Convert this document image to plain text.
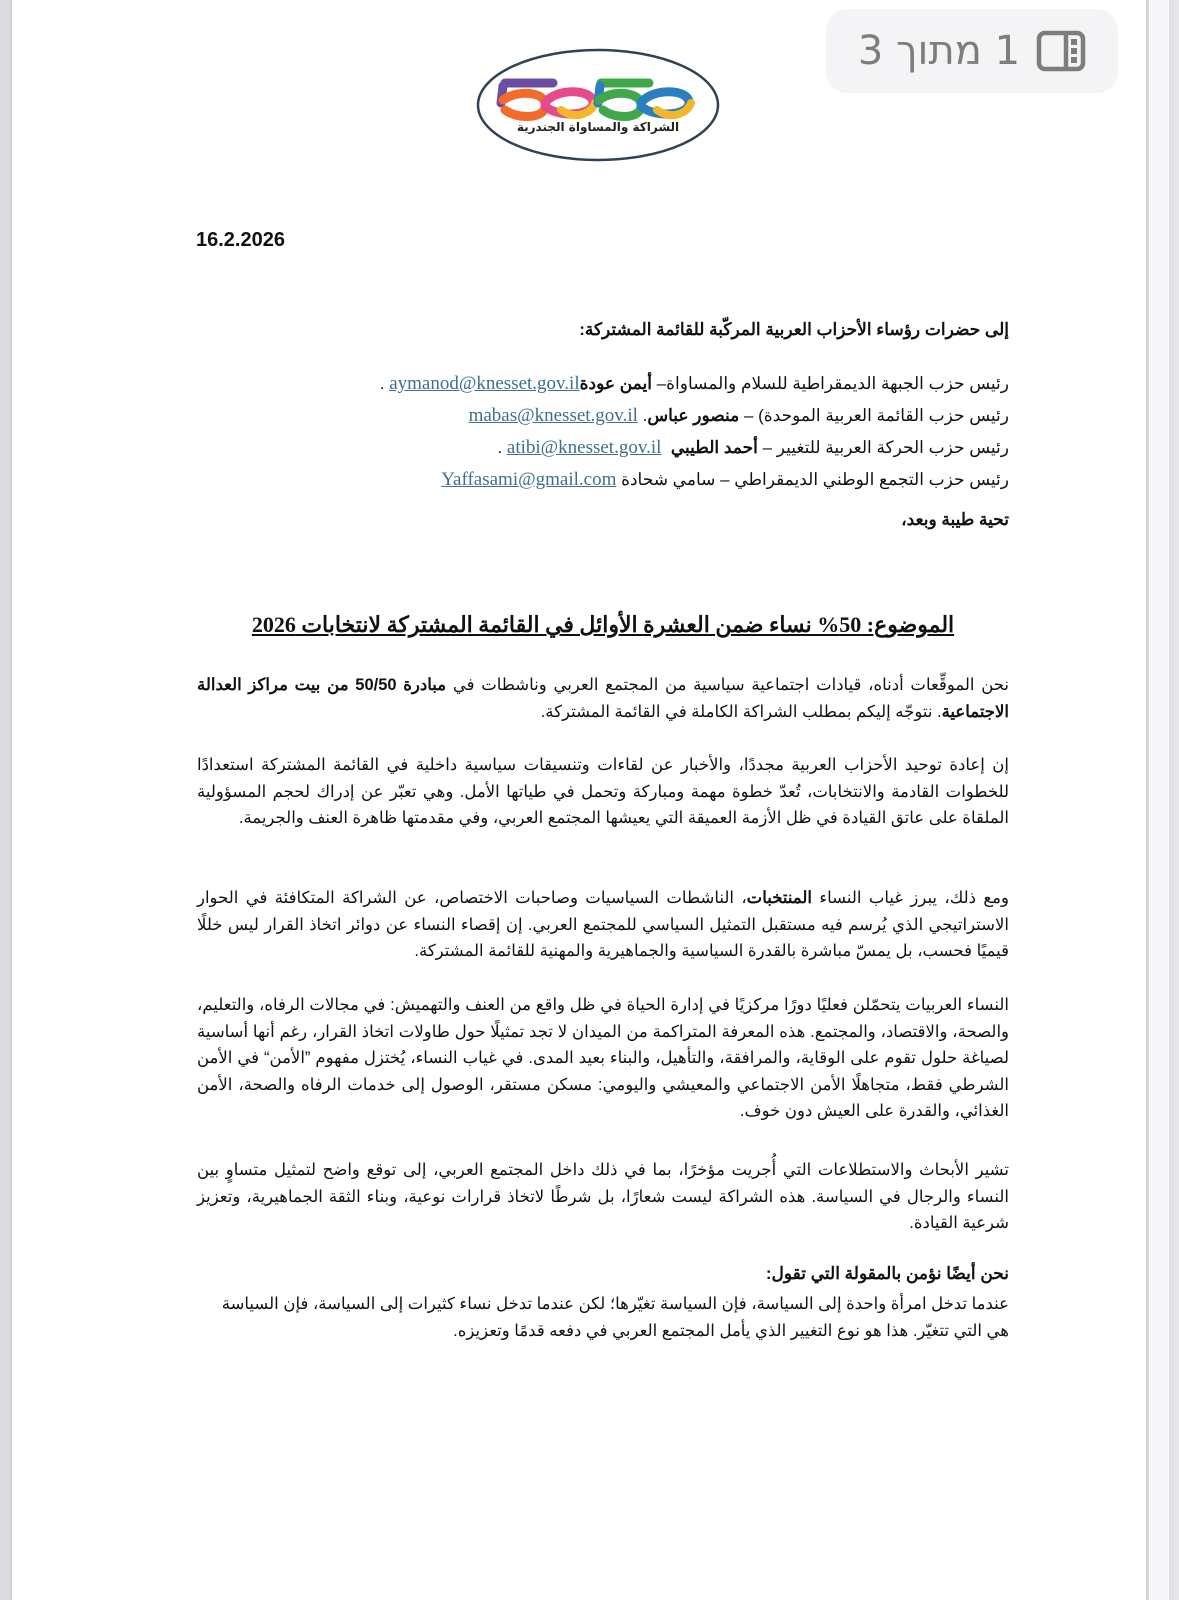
الشراكة والمساواة الجندرية
16.2.2026
إلى حضرات رؤساء الأحزاب العربية المركّبة للقائمة المشتركة:
رئيس حزب الجبهة الديمقراطية للسلام والمساواة– أيمن عودةaymanod@knesset.gov.il .
رئيس حزب القائمة العربية الموحدة) – منصور عباس. mabas@knesset.gov.il
رئيس حزب الحركة العربية للتغيير – أحمد الطيبي  atibi@knesset.gov.il .
رئيس حزب التجمع الوطني الديمقراطي – سامي شحادة Yaffasami@gmail.com
تحية طيبة وبعد،
الموضوع: 50% نساء ضمن العشرة الأوائل في القائمة المشتركة لانتخابات 2026
نحن الموقِّعات أدناه، قيادات اجتماعية سياسية من المجتمع العربي وناشطات في مبادرة 50/50 من بيت مراكز العدالة الاجتماعية. نتوجّه إليكم بمطلب الشراكة الكاملة في القائمة المشتركة.
إن إعادة توحيد الأحزاب العربية مجددًا، والأخبار عن لقاءات وتنسيقات سياسية داخلية في القائمة المشتركة استعدادًا للخطوات القادمة والانتخابات، تُعدّ خطوة مهمة ومباركة وتحمل في طياتها الأمل. وهي تعبّر عن إدراك لحجم المسؤولية الملقاة على عاتق القيادة في ظل الأزمة العميقة التي يعيشها المجتمع العربي، وفي مقدمتها ظاهرة العنف والجريمة.
ومع ذلك، يبرز غياب النساء المنتخبات، الناشطات السياسيات وصاحبات الاختصاص، عن الشراكة المتكافئة في الحوار الاستراتيجي الذي يُرسم فيه مستقبل التمثيل السياسي للمجتمع العربي. إن إقصاء النساء عن دوائر اتخاذ القرار ليس خللًا قيميًا فحسب، بل يمسّ مباشرة بالقدرة السياسية والجماهيرية والمهنية للقائمة المشتركة.
النساء العربيات يتحمّلن فعليًا دورًا مركزيًا في إدارة الحياة في ظل واقع من العنف والتهميش: في مجالات الرفاه، والتعليم، والصحة، والاقتصاد، والمجتمع. هذه المعرفة المتراكمة من الميدان لا تجد تمثيلًا حول طاولات اتخاذ القرار، رغم أنها أساسية لصياغة حلول تقوم على الوقاية، والمرافقة، والتأهيل، والبناء بعيد المدى. في غياب النساء، يُختزل مفهوم ”الأمن“ في الأمن الشرطي فقط، متجاهلًا الأمن الاجتماعي والمعيشي واليومي: مسكن مستقر، الوصول إلى خدمات الرفاه والصحة، الأمن الغذائي، والقدرة على العيش دون خوف.
تشير الأبحاث والاستطلاعات التي أُجريت مؤخرًا، بما في ذلك داخل المجتمع العربي، إلى توقع واضح لتمثيل متساوٍ بين النساء والرجال في السياسة. هذه الشراكة ليست شعارًا، بل شرطًا لاتخاذ قرارات نوعية، وبناء الثقة الجماهيرية، وتعزيز شرعية القيادة.
نحن أيضًا نؤمن بالمقولة التي تقول:
عندما تدخل امرأة واحدة إلى السياسة، فإن السياسة تغيّرها؛ لكن عندما تدخل نساء كثيرات إلى السياسة، فإن السياسة هي التي تتغيّر. هذا هو نوع التغيير الذي يأمل المجتمع العربي في دفعه قدمًا وتعزيزه.
1 מתוך 3
